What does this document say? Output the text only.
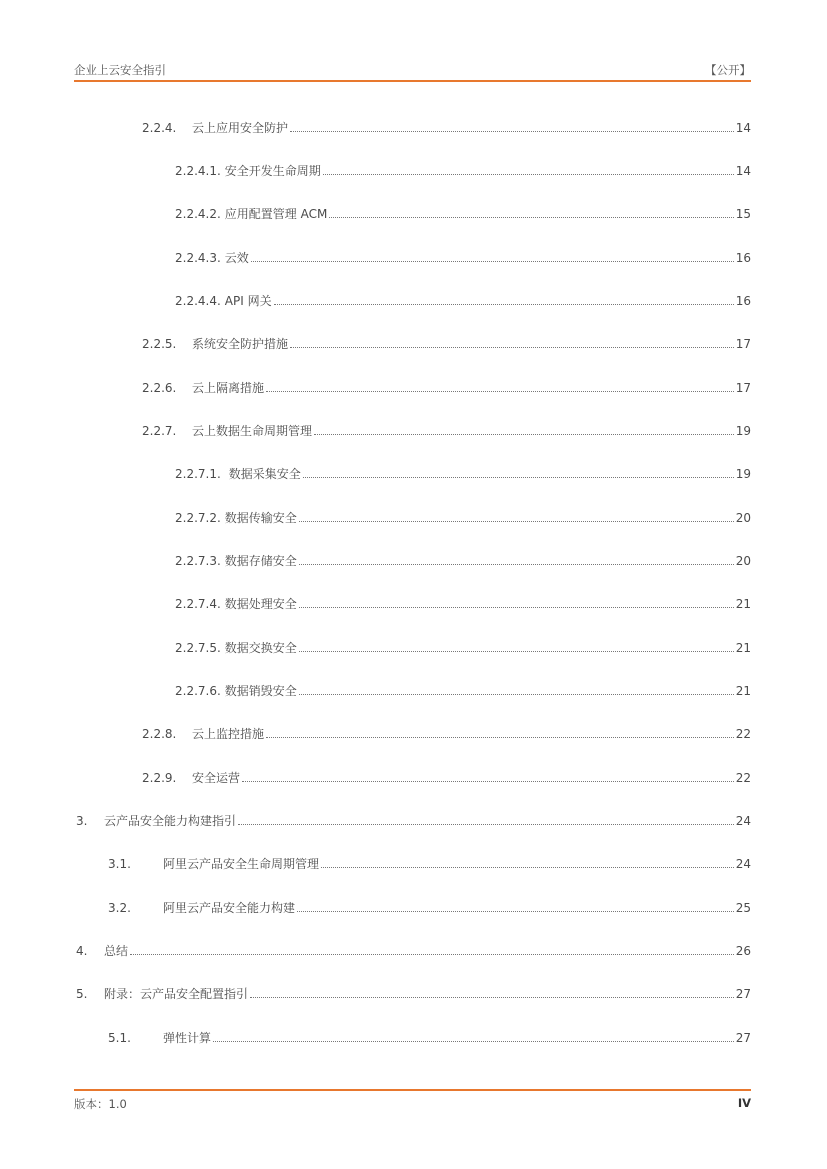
企业上云安全指引	【公开】
2.2.4.	云上应用安全防护	14
2.2.4.1. 安全开发生命周期	14
2.2.4.2. 应用配置管理 ACM	15
2.2.4.3. 云效	16
2.2.4.4. API 网关	16
2.2.5.	系统安全防护措施	17
2.2.6.	云上隔离措施	17
2.2.7.	云上数据生命周期管理	19
2.2.7.1. 数据采集安全	19
2.2.7.2. 数据传输安全	20
2.2.7.3. 数据存储安全	20
2.2.7.4. 数据处理安全	21
2.2.7.5. 数据交换安全	21
2.2.7.6. 数据销毁安全	21
2.2.8.	云上监控措施	22
2.2.9.	安全运营	22
3.	云产品安全能力构建指引	24
3.1.	阿里云产品安全生命周期管理	24
3.2.	阿里云产品安全能力构建	25
4.	总结	26
5.	附录：云产品安全配置指引	27
5.1.	弹性计算	27
版本：1.0	IV
